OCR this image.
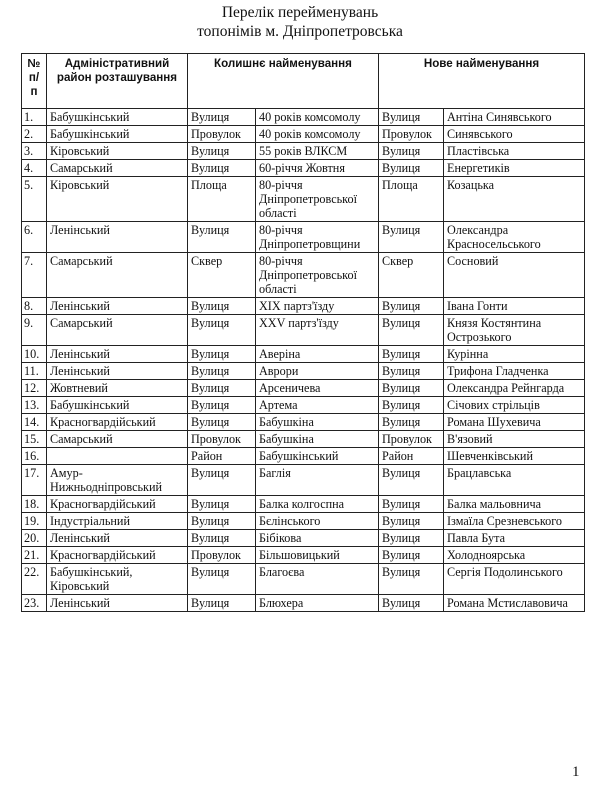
Перелік перейменувань
топонімів м. Дніпропетровська
№ п/ п	Адміністративний район розташування	Колишнє найменування		Нове найменування	
1.	Бабушкінський	Вулиця	40 років комсомолу	Вулиця	Антіна Синявського
2.	Бабушкінський	Провулок	40 років комсомолу	Провулок	Синявського
3.	Кіровський	Вулиця	55 років ВЛКСМ	Вулиця	Пластівська
4.	Самарський	Вулиця	60-річчя Жовтня	Вулиця	Енергетиків
5.	Кіровський	Площа	80-річчя Дніпропетровської області	Площа	Козацька
6.	Ленінський	Вулиця	80-річчя Дніпропетровщини	Вулиця	Олександра Красносельського
7.	Самарський	Сквер	80-річчя Дніпропетровської області	Сквер	Сосновий
8.	Ленінський	Вулиця	XIX партз'їзду	Вулиця	Івана Гонти
9.	Самарський	Вулиця	XXV партз'їзду	Вулиця	Князя Костянтина Острозького
10.	Ленінський	Вулиця	Аверіна	Вулиця	Курінна
11.	Ленінський	Вулиця	Аврори	Вулиця	Трифона Гладченка
12.	Жовтневий	Вулиця	Арсеничева	Вулиця	Олександра Рейнгарда
13.	Бабушкінський	Вулиця	Артема	Вулиця	Січових стрільців
14.	Красногвардійський	Вулиця	Бабушкіна	Вулиця	Романа Шухевича
15.	Самарський	Провулок	Бабушкіна	Провулок	В'язовий
16.		Район	Бабушкінський	Район	Шевченківський
17.	Амур-Нижньодніпровський	Вулиця	Баглія	Вулиця	Брацлавська
18.	Красногвардійський	Вулиця	Балка колгоспна	Вулиця	Балка мальовнича
19.	Індустріальний	Вулиця	Бєлінського	Вулиця	Ізмаїла Срезневського
20.	Ленінський	Вулиця	Бібікова	Вулиця	Павла Бута
21.	Красногвардійський	Провулок	Більшовицький	Вулиця	Холодноярська
22.	Бабушкінський, Кіровський	Вулиця	Благоєва	Вулиця	Сергія Подолинського
23.	Ленінський	Вулиця	Блюхера	Вулиця	Романа Мстиславовича
1
